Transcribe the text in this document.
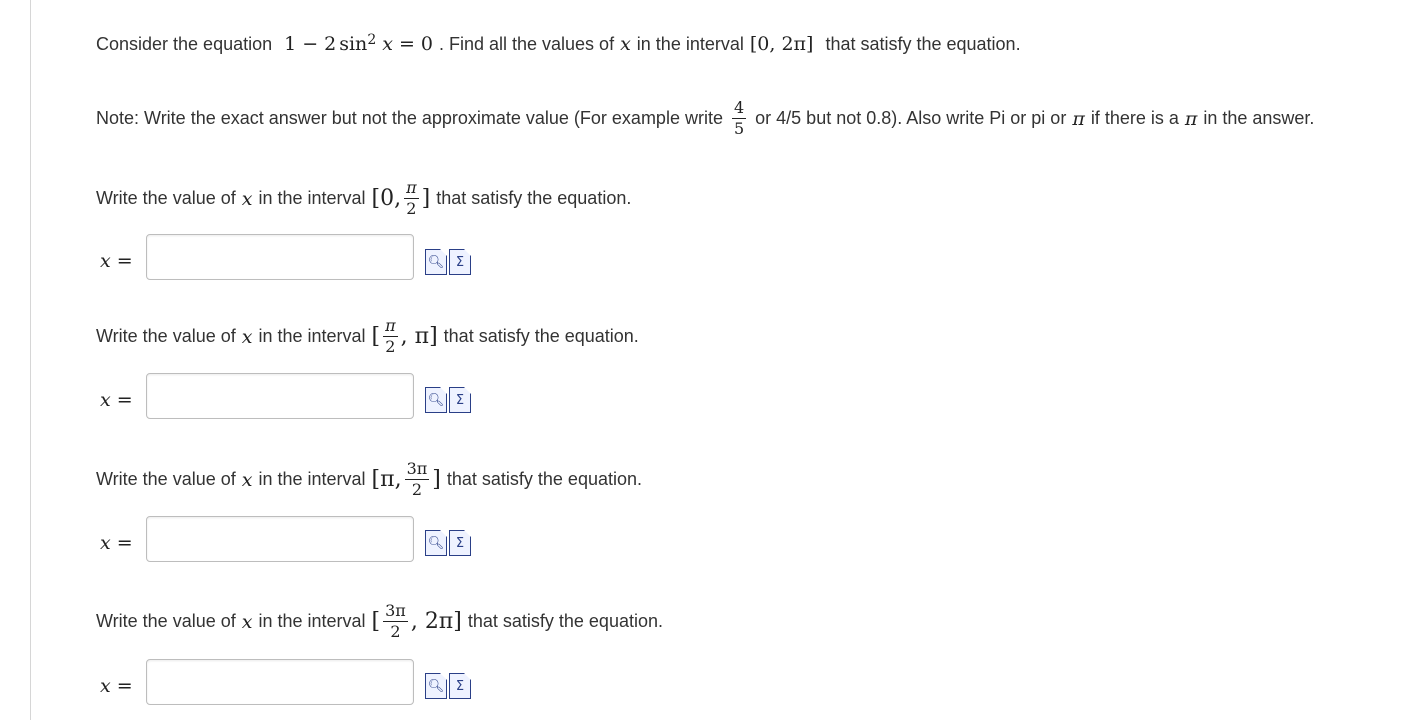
Consider the equation 1 − 2 $\sin^2 x = 0$ . Find all the values of x in the interval [0, 2π] that satisfy the equation.
Note: Write the exact answer but not the approximate value (For example write $\frac{4}{5}$ or 4/5 but not 0.8). Also write Pi or pi or π if there is a π in the answer.
Write the value of x in the interval [0, $\frac{\pi}{2}$ ] that satisfy the equation.
x =	🔍︎ Σ
Write the value of x in the interval [ $\frac{\pi}{2}$ , π] that satisfy the equation.
x =	🔍︎ Σ
Write the value of x in the interval [π, $\frac{3\pi}{2}$ ] that satisfy the equation.
x =	🔍︎ Σ
Write the value of x in the interval [ $\frac{3\pi}{2}$ , 2π] that satisfy the equation.
x =	🔍︎ Σ
